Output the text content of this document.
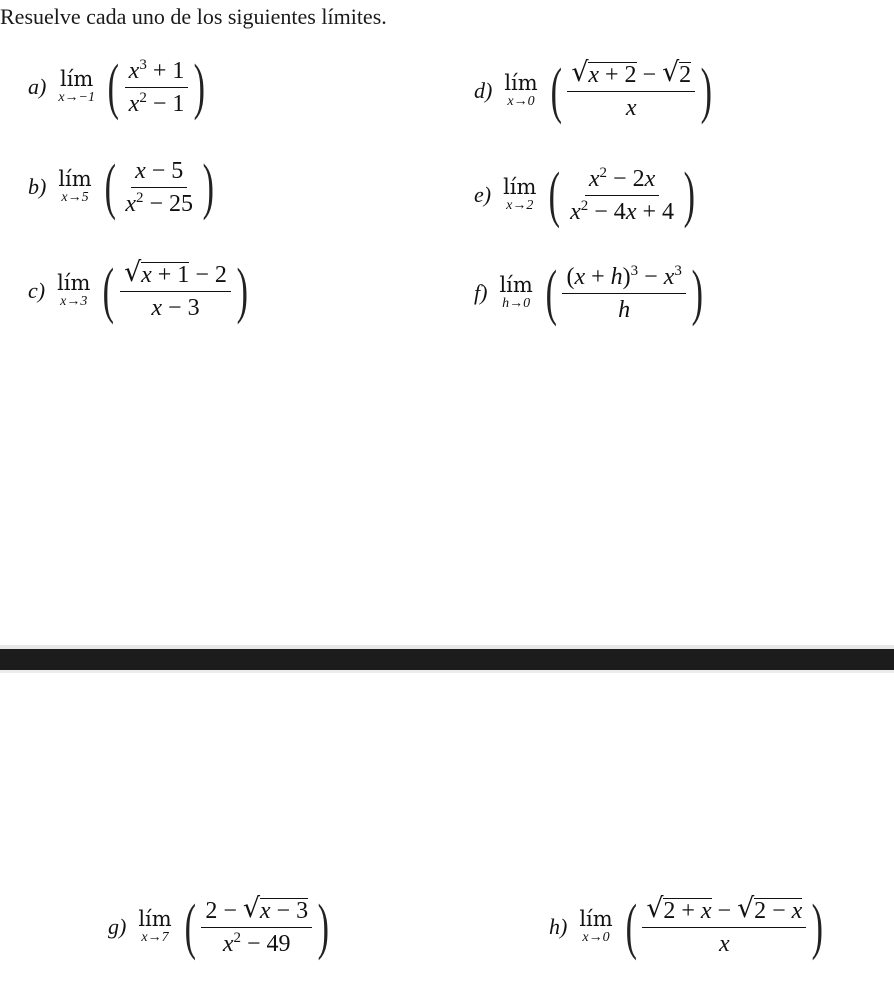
Resuelve cada uno de los siguientes límites.
a) lím
x→−1 ( $\frac{x^3 + 1}{x^2 - 1}$ )
b) lím
x→5 ( $\frac{x - 5}{x^2 - 25}$ )
c) lím
x→3 ( √ $\frac{x + 1 - 2}{x - 3}$ )
d) lím
x→0 ( √ $\frac{x + 2 - √ 2}{x}$ )
e) lím
x→2 ( $\frac{x^2 - 2x}{x^2 - 4x + 4}$ )
f) lím
h→0 ( $\frac{(x + h)^3 - x^3}{h}$ )
g) lím
x→7 ( $\frac{2 - √ x - 3}{x^2 - 49}$ )	h) lím
x→0 ( √ $\frac{2 + x - √ 2 - x}{x}$ )
